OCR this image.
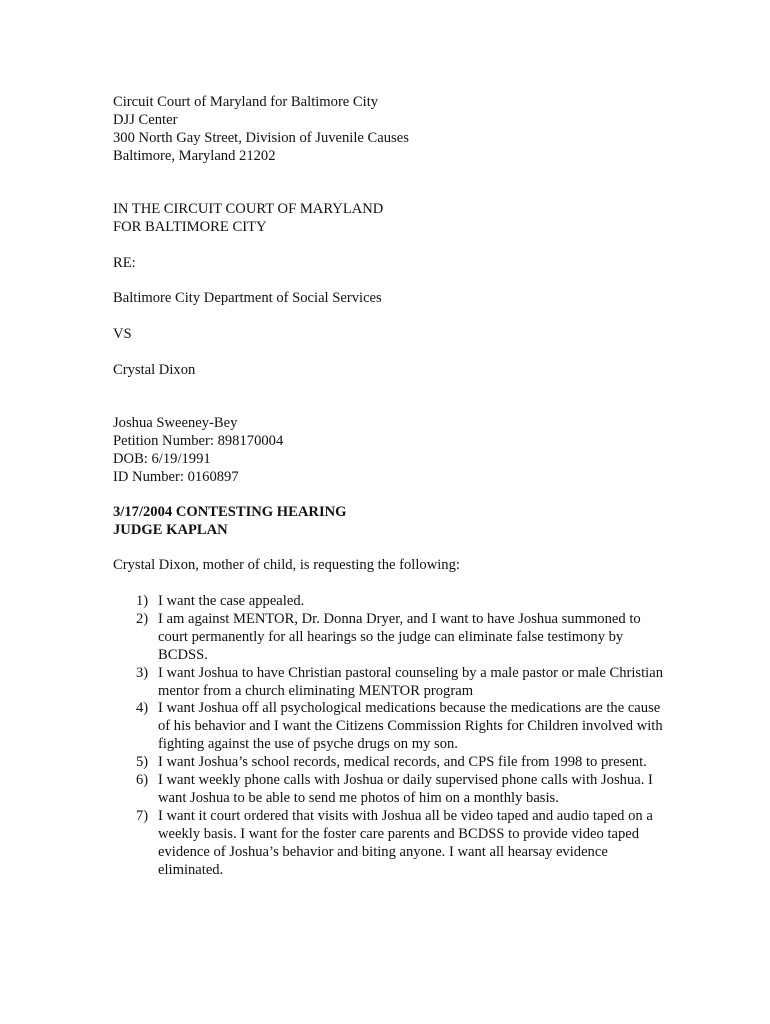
Circuit Court of Maryland for Baltimore City
DJJ Center
300 North Gay Street, Division of Juvenile Causes
Baltimore, Maryland 21202
IN THE CIRCUIT COURT OF MARYLAND
FOR BALTIMORE CITY
RE:
Baltimore City Department of Social Services
VS
Crystal Dixon
Joshua Sweeney-Bey
Petition Number: 898170004
DOB: 6/19/1991
ID Number: 0160897
3/17/2004 CONTESTING HEARING
JUDGE KAPLAN
Crystal Dixon, mother of child, is requesting the following:
1) I want the case appealed.
2) I am against MENTOR, Dr. Donna Dryer, and I want to have Joshua summoned to court permanently for all hearings so the judge can eliminate false testimony by BCDSS.
3) I want Joshua to have Christian pastoral counseling by a male pastor or male Christian mentor from a church eliminating MENTOR program
4) I want Joshua off all psychological medications because the medications are the cause of his behavior and I want the Citizens Commission Rights for Children involved with fighting against the use of psyche drugs on my son.
5) I want Joshua’s school records, medical records, and CPS file from 1998 to present.
6) I want weekly phone calls with Joshua or daily supervised phone calls with Joshua. I want Joshua to be able to send me photos of him on a monthly basis.
7) I want it court ordered that visits with Joshua all be video taped and audio taped on a weekly basis. I want for the foster care parents and BCDSS to provide video taped evidence of Joshua’s behavior and biting anyone. I want all hearsay evidence eliminated.
